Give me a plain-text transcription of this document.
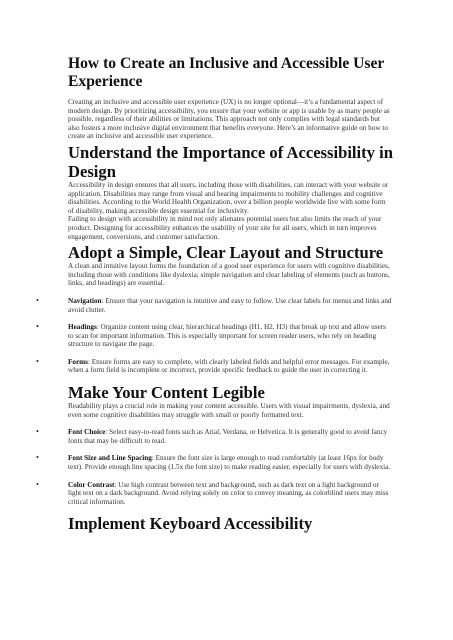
How to Create an Inclusive and Accessible User Experience

Creating an inclusive and accessible user experience (UX) is no longer optional—it’s a fundamental aspect of modern design. By prioritizing accessibility, you ensure that your website or app is usable by as many people as possible, regardless of their abilities or limitations. This approach not only complies with legal standards but also fosters a more inclusive digital environment that benefits everyone. Here’s an informative guide on how to create an inclusive and accessible user experience.

Understand the Importance of Accessibility in Design

Accessibility in design ensures that all users, including those with disabilities, can interact with your website or application. Disabilities may range from visual and hearing impairments to mobility challenges and cognitive disabilities. According to the World Health Organization, over a billion people worldwide live with some form of disability, making accessible design essential for inclusivity.

Failing to design with accessibility in mind not only alienates potential users but also limits the reach of your product. Designing for accessibility enhances the usability of your site for all users, which in turn improves engagement, conversions, and customer satisfaction.

Adopt a Simple, Clear Layout and Structure

A clean and intuitive layout forms the foundation of a good user experience for users with cognitive disabilities, including those with conditions like dyslexia; simple navigation and clear labeling of elements (such as buttons, links, and headings) are essential.

•	Navigation: Ensure that your navigation is intuitive and easy to follow. Use clear labels for menus and links and avoid clutter.
•	Headings: Organize content using clear, hierarchical headings (H1, H2, H3) that break up text and allow users to scan for important information. This is especially important for screen reader users, who rely on heading structure to navigate the page.
•	Forms: Ensure forms are easy to complete, with clearly labeled fields and helpful error messages. For example, when a form field is incomplete or incorrect, provide specific feedback to guide the user in correcting it.
Make Your Content Legible

Readability plays a crucial role in making your content accessible. Users with visual impairments, dyslexia, and even some cognitive disabilities may struggle with small or poorly formatted text.

•	Font Choice: Select easy-to-read fonts such as Arial, Verdana, or Helvetica. It is generally good to avoid fancy fonts that may be difficult to read.
•	Font Size and Line Spacing: Ensure the font size is large enough to read comfortably (at least 16px for body text). Provide enough line spacing (1.5x the font size) to make reading easier, especially for users with dyslexia.
•	Color Contrast: Use high contrast between text and background, such as dark text on a light background or light text on a dark background. Avoid relying solely on color to convey meaning, as colorblind users may miss critical information.
Implement Keyboard Accessibility
